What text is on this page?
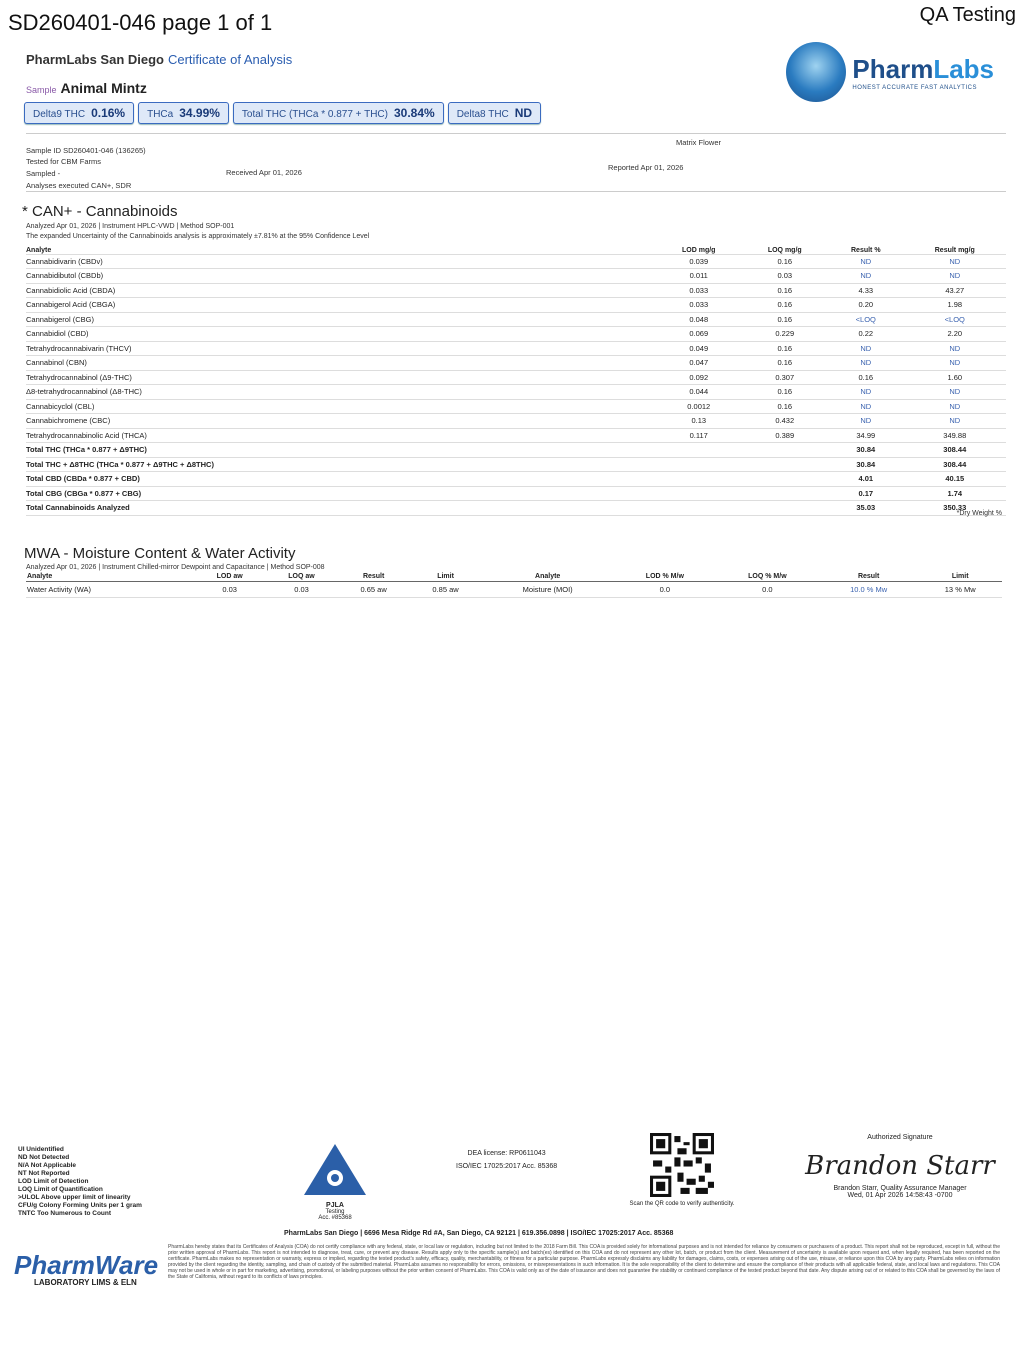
SD260401-046 page 1 of 1	QA Testing
PharmLabs San Diego Certificate of Analysis
Sample Animal Mintz
PharmLabs
HONEST ACCURATE FAST ANALYTICS
Delta9 THC 0.16%	THCa 34.99%	Total THC (THCa * 0.877 + THC) 30.84%	Delta8 THC ND
Matrix Flower
Sample ID SD260401-046 (136265)
Tested for CBM Farms
Sampled -	Received Apr 01, 2026
Reported Apr 01, 2026
Analyses executed CAN+, SDR
* CAN+ - Cannabinoids
Analyzed Apr 01, 2026 | Instrument HPLC-VWD | Method SOP-001
The expanded Uncertainty of the Cannabinoids analysis is approximately ±7.81% at the 95% Confidence Level
Analyte	LOD mg/g	LOQ mg/g	Result %	Result mg/g
Cannabidivarin (CBDv)	0.039	0.16	ND	ND
Cannabidibutol (CBDb)	0.011	0.03	ND	ND
Cannabidiolic Acid (CBDA)	0.033	0.16	4.33	43.27
Cannabigerol Acid (CBGA)	0.033	0.16	0.20	1.98
Cannabigerol (CBG)	0.048	0.16	<LOQ	<LOQ
Cannabidiol (CBD)	0.069	0.229	0.22	2.20
Tetrahydrocannabivarin (THCV)	0.049	0.16	ND	ND
Cannabinol (CBN)	0.047	0.16	ND	ND
Tetrahydrocannabinol (Δ9-THC)	0.092	0.307	0.16	1.60
Δ8-tetrahydrocannabinol (Δ8-THC)	0.044	0.16	ND	ND
Cannabicyclol (CBL)	0.0012	0.16	ND	ND
Cannabichromene (CBC)	0.13	0.432	ND	ND
Tetrahydrocannabinolic Acid (THCA)	0.117	0.389	34.99	349.88
Total THC (THCa * 0.877 + Δ9THC)			30.84	308.44
Total THC + Δ8THC (THCa * 0.877 + Δ9THC + Δ8THC)			30.84	308.44
Total CBD (CBDa * 0.877 + CBD)			4.01	40.15
Total CBG (CBGa * 0.877 + CBG)			0.17	1.74
Total Cannabinoids Analyzed			35.03	350.33
*Dry Weight %
MWA - Moisture Content & Water Activity
Analyzed Apr 01, 2026 | Instrument Chilled-mirror Dewpoint and Capacitance | Method SOP-008
Analyte	LOD aw	LOQ aw	Result	Limit	Analyte	LOD % M/w	LOQ % M/w	Result	Limit
Water Activity (WA)	0.03	0.03	0.65 aw	0.85 aw	Moisture (MOI)	0.0	0.0	10.0 % Mw	13 % Mw
UI Unidentified
ND Not Detected
N/A Not Applicable
NT Not Reported
LOD Limit of Detection
LOQ Limit of Quantification
>ULOL Above upper limit of linearity
CFU/g Colony Forming Units per 1 gram
TNTC Too Numerous to Count
PharmWare
LABORATORY LIMS & ELN
PJLA
Testing
Acc. #85368
DEA license: RP0611043
ISO/IEC 17025:2017 Acc. 85368
Scan the QR code to verify authenticity.
Authorized Signature
Brandon Starr
Brandon Starr, Quality Assurance Manager
Wed, 01 Apr 2026 14:58:43 -0700
PharmLabs San Diego | 6696 Mesa Ridge Rd #A, San Diego, CA 92121 | 619.356.0898 | ISO/IEC 17025:2017 Acc. 85368
PharmLabs hereby states that its Certificates of Analysis (COA) do not certify compliance with any federal, state, or local law or regulation, including but not limited to the 2018 Farm Bill. This COA is provided solely for informational purposes and is not intended for reliance by consumers or purchasers of a product. This report shall not be reproduced, except in full, without the prior written approval of PharmLabs. This report is not intended to diagnose, treat, cure, or prevent any disease. Results apply only to the specific sample(s) and batch(es) identified on this COA and do not represent any other lot, batch, or product from the client. Measurement of uncertainty is available upon request and, when legally required, has been reported on the certificate. PharmLabs makes no representation or warranty, express or implied, regarding the tested product's safety, efficacy, quality, merchantability, or fitness for a particular purpose. PharmLabs expressly disclaims any liability for damages, claims, costs, or expenses arising out of the use, misuse, or reliance upon this COA by any party. PharmLabs relies on information provided by the client regarding the identity, sampling, and chain of custody of the submitted material. PharmLabs assumes no responsibility for errors, omissions, or misrepresentations in such information. It is the sole responsibility of the client to determine and ensure the compliance of their products with all applicable federal, state, and local laws and regulations. This COA may not be used in whole or in part for marketing, advertising, promotional, or labeling purposes without the prior written consent of PharmLabs. This COA is valid only as of the date of issuance and does not guarantee the stability or continued compliance of the tested product beyond that date. Any dispute arising out of or related to this COA shall be governed by the laws of the State of California, without regard to its conflicts of laws principles.
